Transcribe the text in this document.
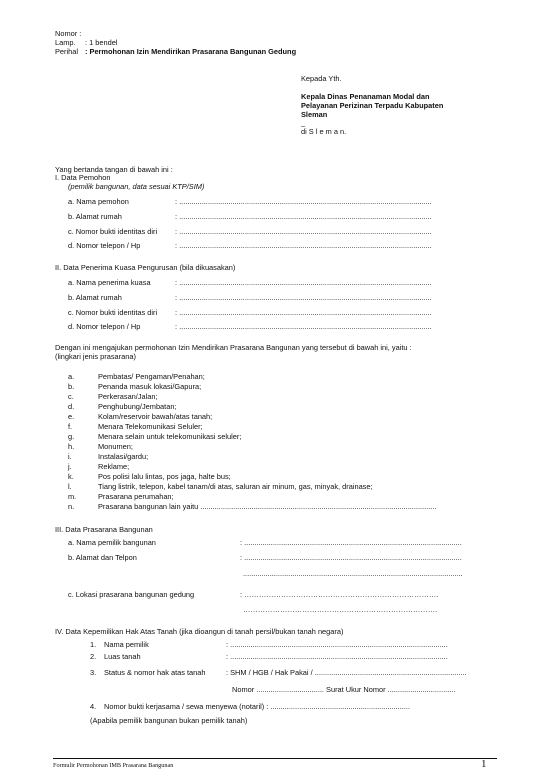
Nomor :
Lamp. : 1 bendel
Perihal : Permohonan Izin Mendirikan Prasarana Bangunan Gedung
Kepada Yth.
Kepala Dinas Penanaman Modal dan
Pelayanan Perizinan Terpadu Kabupaten
Sleman
_
di S l e m a n.
Yang bertanda tangan di bawah ini :
I. Data Pemohon
(pemilik bangunan, data sesuai KTP/SIM)
a. Nama pemohon	: ...........................................................................................................................
b. Alamat rumah	: ...........................................................................................................................
c. Nomor bukti identitas diri : ...........................................................................................................................
d. Nomor telepon / Hp	: ...........................................................................................................................
II. Data Penerima Kuasa Pengurusan (bila dikuasakan)
a. Nama penerima kuasa	: ...........................................................................................................................
b. Alamat rumah	: ...........................................................................................................................
c. Nomor bukti identitas diri : ...........................................................................................................................
d. Nomor telepon / Hp	: ...........................................................................................................................
Dengan ini mengajukan permohonan Izin Mendirikan Prasarana Bangunan yang tersebut di bawah ini, yaitu :
(lingkari jenis prasarana)
a.	Pembatas/ Pengaman/Penahan;
b.	Penanda masuk lokasi/Gapura;
c.	Perkerasan/Jalan;
d.	Penghubung/Jembatan;
e.	Kolam/reservoir bawah/atas tanah;
f.	Menara Telekomunikasi Seluler;
g.	Menara selain untuk telekomunikasi seluler;
h.	Monumen;
i.	Instalasi/gardu;
j.	Reklame;
k.	Pos polisi lalu lintas, pos jaga, halte bus;
l.	Tiang listrik, telepon, kabel tanam/di atas, saluran air minum, gas, minyak, drainase;
m.	Prasarana perumahan;
n.	Prasarana bangunan lain yaitu ...................................................................................................................
III. Data Prasarana Bangunan
a. Nama pemilik bangunan	: ..........................................................................................................
b. Alamat dan Telpon	: ..........................................................................................................
...........................................................................................................
c. Lokasi prasarana bangunan gedung	: …………………………………………………………………….
…………………………………………………………………….
IV. Data Kepemilikan Hak Atas Tanah (jika dioangun di tanah persil/bukan tanah negara)
1. Nama pemilik	: ..........................................................................................................
2. Luas tanah	: ..........................................................................................................
3. Status & nomor hak atas tanah	: SHM / HGB / Hak Pakai / ..........................................................................
Nomor ................................. Surat Ukur Nomor .................................
4. Nomor bukti kerjasama / sewa menyewa (notaril) : ....................................................................
(Apabila pemilik bangunan bukan pemilik tanah)
Formulir Permohonan IMB Prasarana Bangunan	1
